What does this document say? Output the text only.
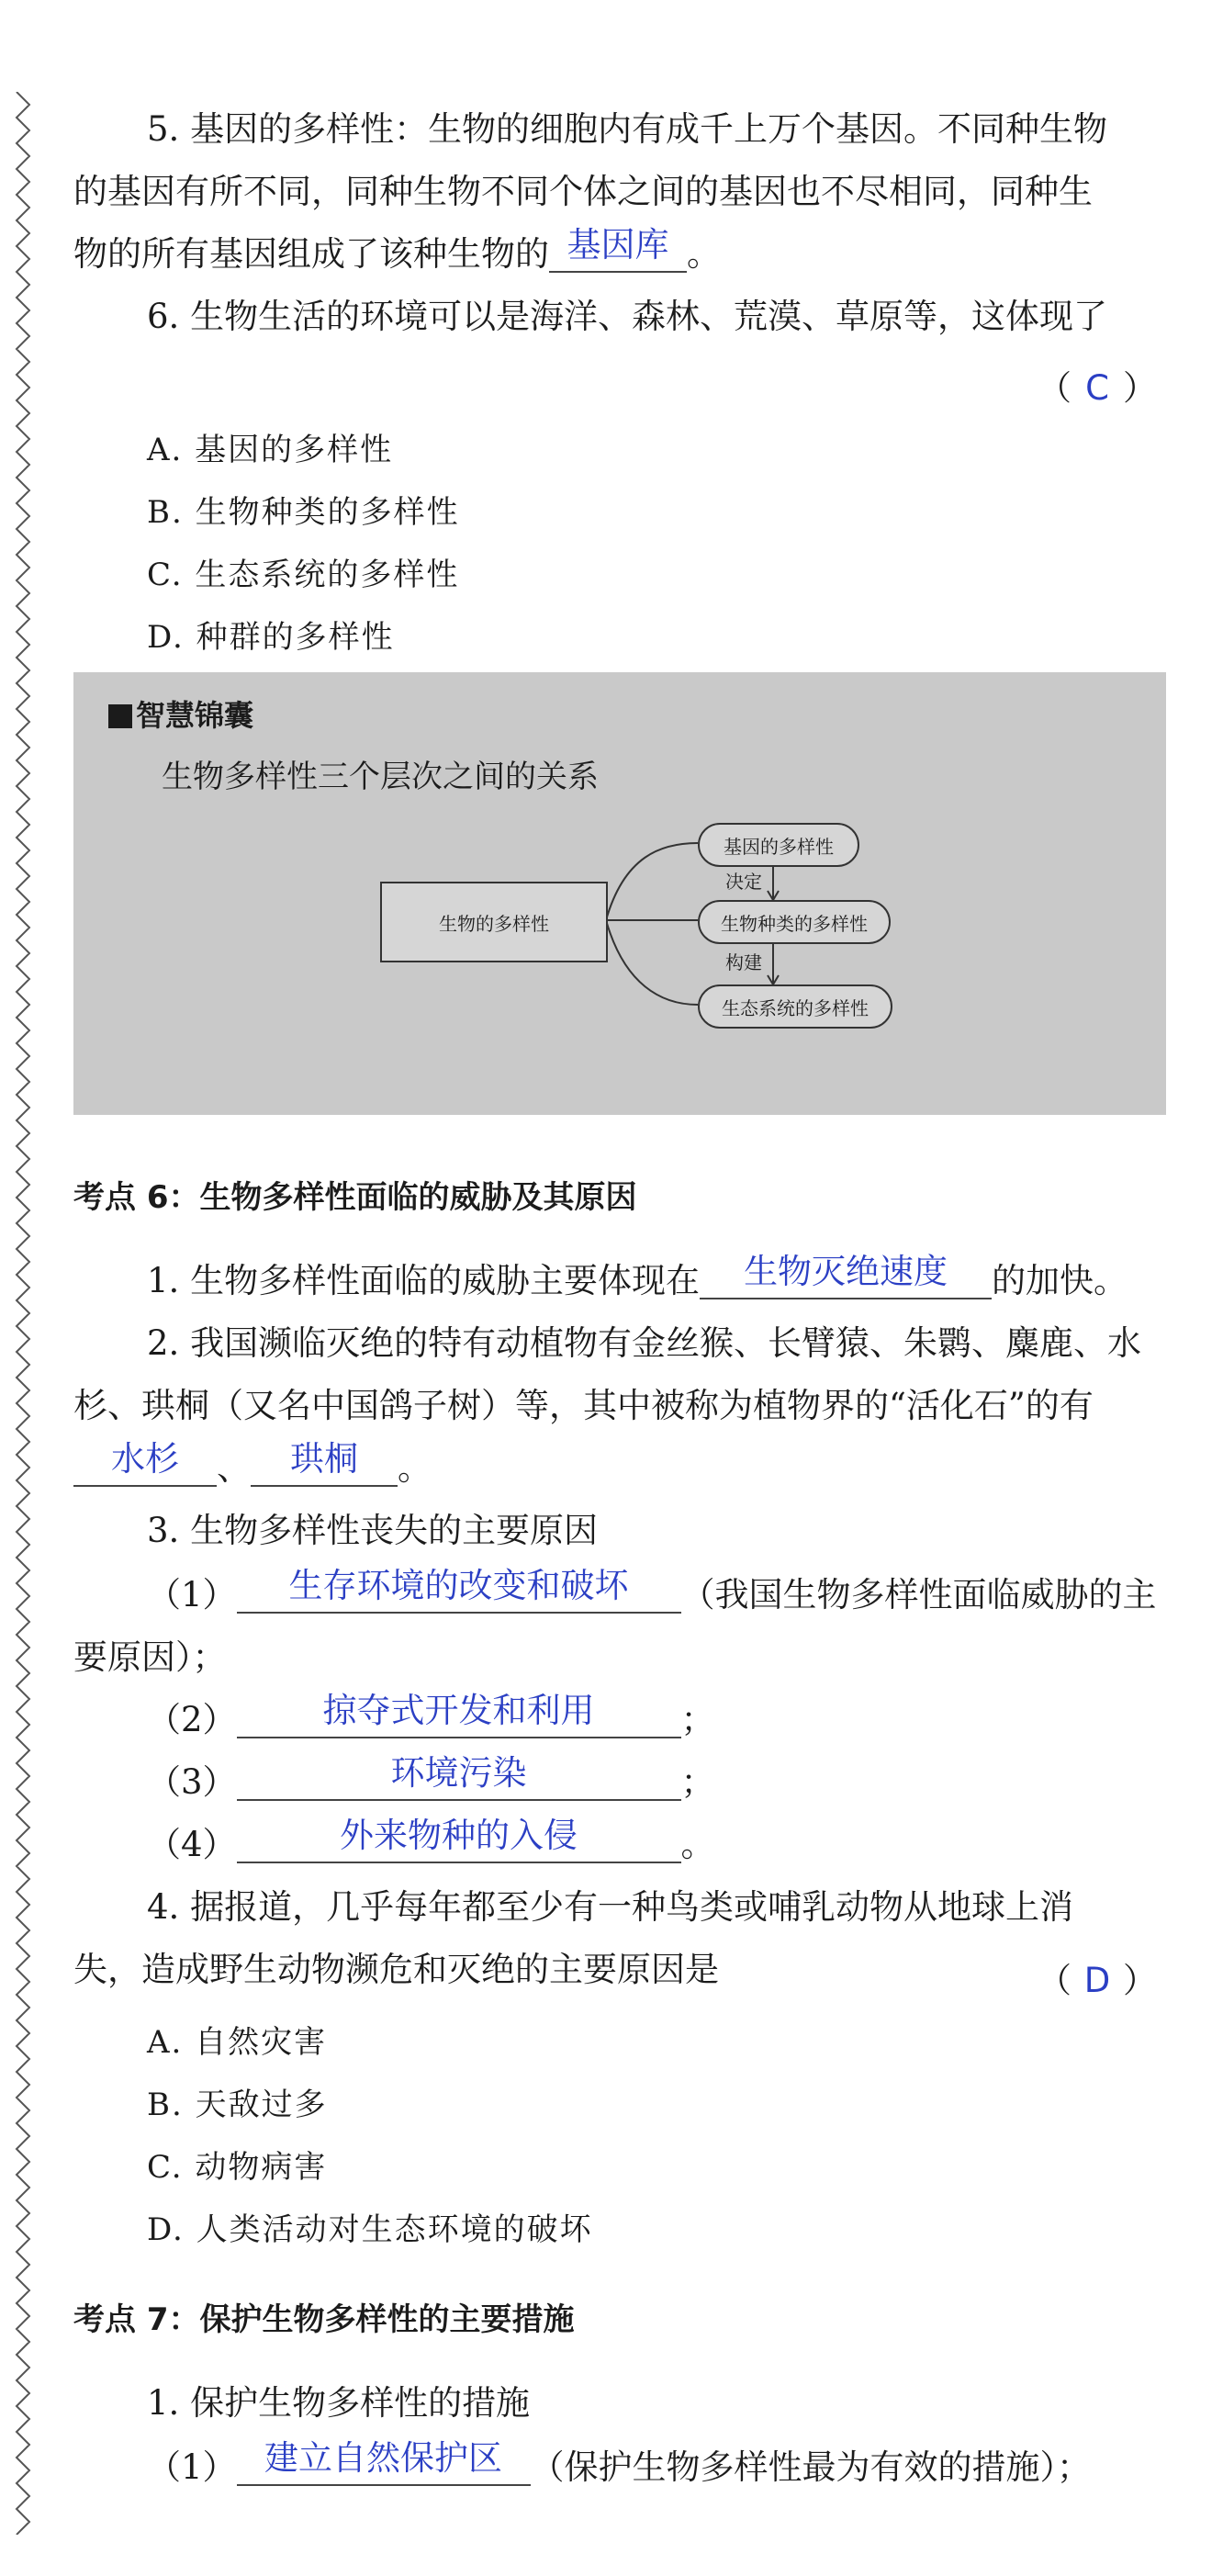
5. 基因的多样性：生物的细胞内有成千上万个基因。不同种生物
的基因有所不同，同种生物不同个体之间的基因也不尽相同，同种生
物的所有基因组成了该种生物的 基因库 。
6. 生物生活的环境可以是海洋、森林、荒漠、草原等，这体现了
（ C ）
A. 基因的多样性
B. 生物种类的多样性
C. 生态系统的多样性
D. 种群的多样性
智慧锦囊
生物多样性三个层次之间的关系
生物的多样性
基因的多样性
生物种类的多样性
生态系统的多样性
决定
构建
考点 6：生物多样性面临的威胁及其原因
1. 生物多样性面临的威胁主要体现在 生物灭绝速度 的加快。
2. 我国濒临灭绝的特有动植物有金丝猴、长臂猿、朱鹮、麋鹿、水
杉、珙桐（又名中国鸽子树）等，其中被称为植物界的“活化石”的有
水杉 、 珙桐 。
3. 生物多样性丧失的主要原因
（1） 生存环境的改变和破坏 （我国生物多样性面临威胁的主
要原因）；
（2）	掠夺式开发和利用	；
（3）	环境污染	；
（4）	外来物种的入侵	。
4. 据报道，几乎每年都至少有一种鸟类或哺乳动物从地球上消
失，造成野生动物濒危和灭绝的主要原因是	（ D ）
A. 自然灾害
B. 天敌过多
C. 动物病害
D. 人类活动对生态环境的破坏
考点 7：保护生物多样性的主要措施
1. 保护生物多样性的措施
（1） 建立自然保护区 （保护生物多样性最为有效的措施）；
